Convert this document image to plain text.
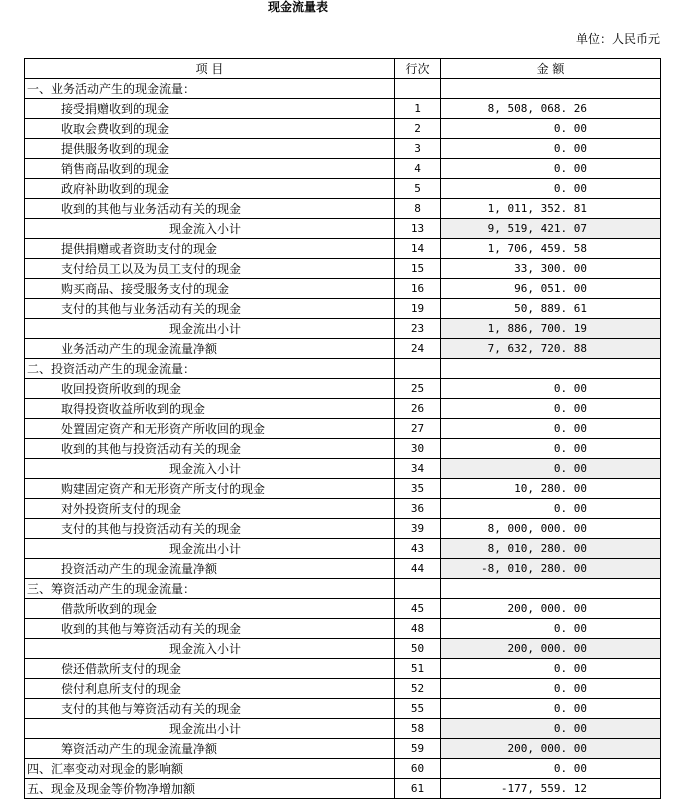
现金流量表
单位：人民币元
项 目	行次	金 额
一、业务活动产生的现金流量：		
接受捐赠收到的现金	1	8, 508, 068. 26
收取会费收到的现金	2	0. 00
提供服务收到的现金	3	0. 00
销售商品收到的现金	4	0. 00
政府补助收到的现金	5	0. 00
收到的其他与业务活动有关的现金	8	1, 011, 352. 81
现金流入小计	13	9, 519, 421. 07
提供捐赠或者资助支付的现金	14	1, 706, 459. 58
支付给员工以及为员工支付的现金	15	33, 300. 00
购买商品、接受服务支付的现金	16	96, 051. 00
支付的其他与业务活动有关的现金	19	50, 889. 61
现金流出小计	23	1, 886, 700. 19
业务活动产生的现金流量净额	24	7, 632, 720. 88
二、投资活动产生的现金流量：		
收回投资所收到的现金	25	0. 00
取得投资收益所收到的现金	26	0. 00
处置固定资产和无形资产所收回的现金	27	0. 00
收到的其他与投资活动有关的现金	30	0. 00
现金流入小计	34	0. 00
购建固定资产和无形资产所支付的现金	35	10, 280. 00
对外投资所支付的现金	36	0. 00
支付的其他与投资活动有关的现金	39	8, 000, 000. 00
现金流出小计	43	8, 010, 280. 00
投资活动产生的现金流量净额	44	-8, 010, 280. 00
三、筹资活动产生的现金流量：		
借款所收到的现金	45	200, 000. 00
收到的其他与筹资活动有关的现金	48	0. 00
现金流入小计	50	200, 000. 00
偿还借款所支付的现金	51	0. 00
偿付利息所支付的现金	52	0. 00
支付的其他与筹资活动有关的现金	55	0. 00
现金流出小计	58	0. 00
筹资活动产生的现金流量净额	59	200, 000. 00
四、汇率变动对现金的影响额	60	0. 00
五、现金及现金等价物净增加额	61	-177, 559. 12
